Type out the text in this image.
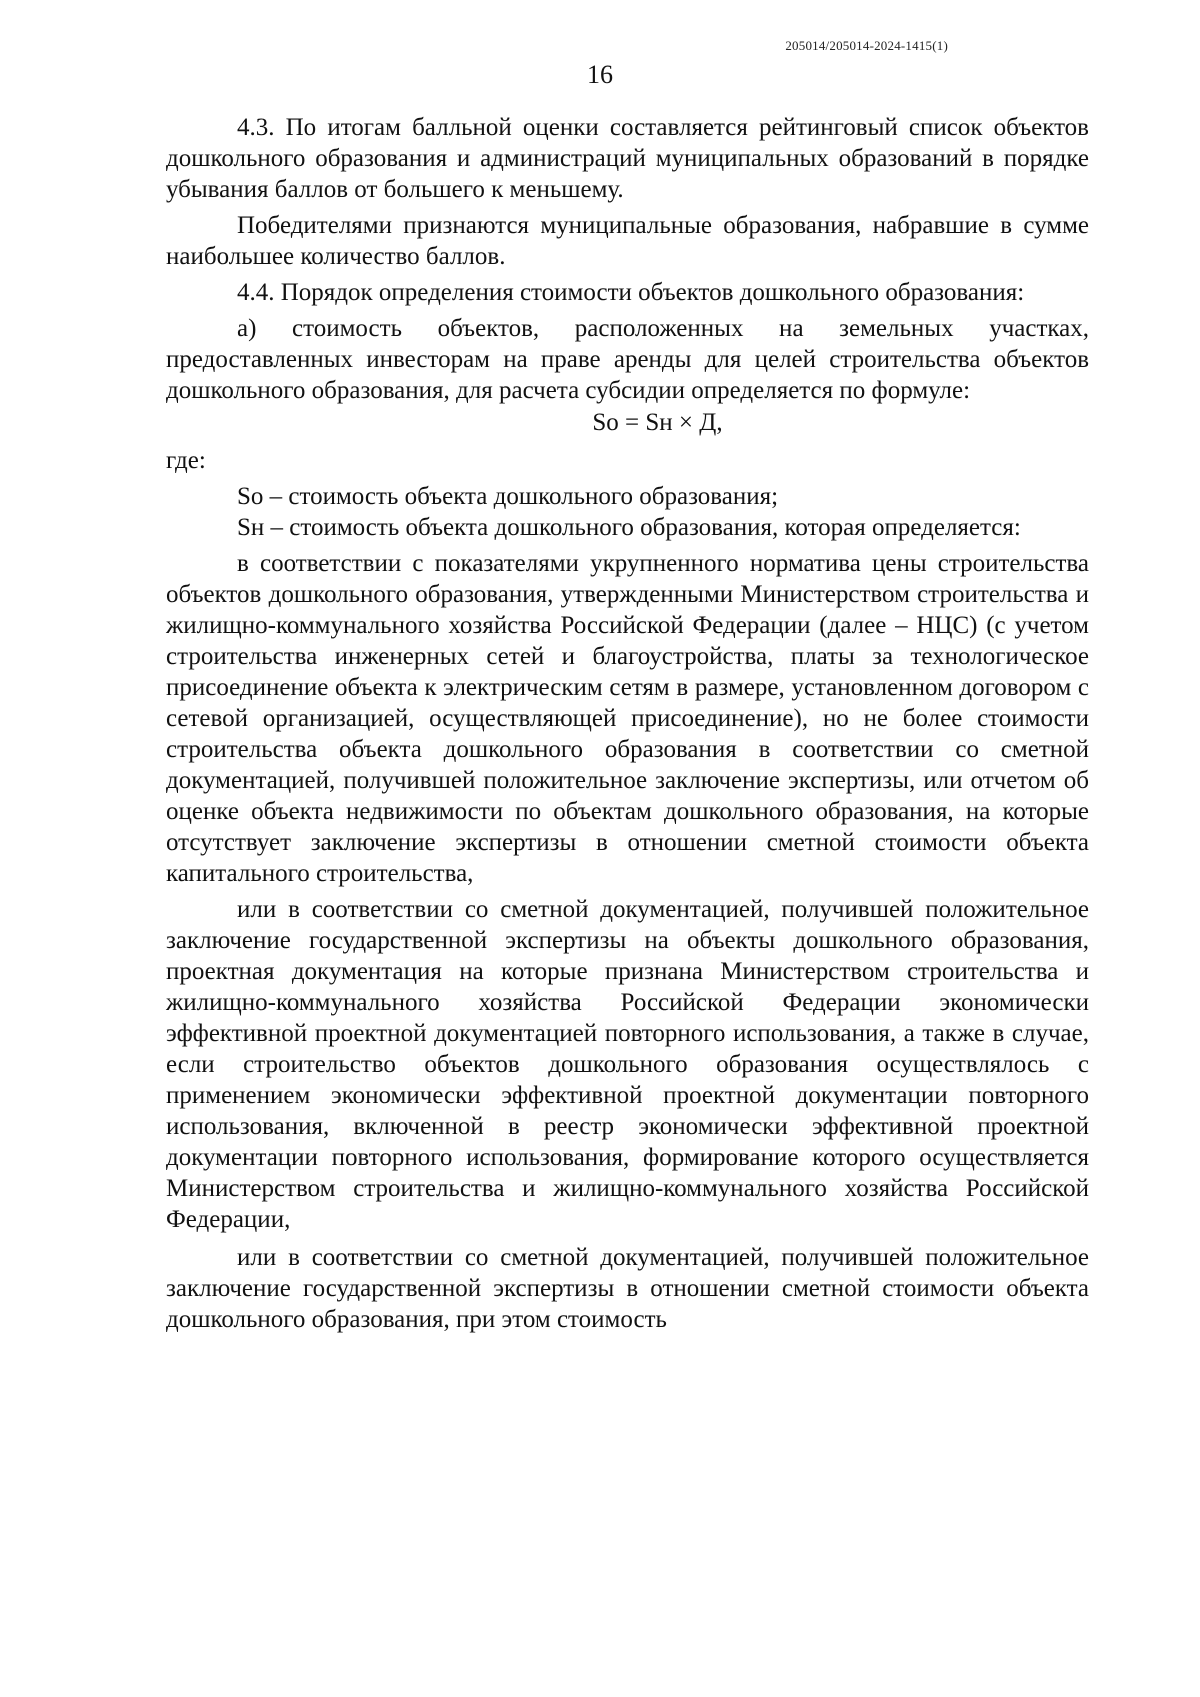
205014/205014-2024-1415(1)
16

4.3. По итогам балльной оценки составляется рейтинговый список объектов дошкольного образования и администраций муниципальных образований в порядке убывания баллов от большего к меньшему.

Победителями признаются муниципальные образования, набравшие в сумме наибольшее количество баллов.

4.4. Порядок определения стоимости объектов дошкольного образования:

а) стоимость объектов, расположенных на земельных участках, предоставленных инвесторам на праве аренды для целей строительства объектов дошкольного образования, для расчета субсидии определяется по формуле:

Sо = Sн × Д,

где:

Sо – стоимость объекта дошкольного образования;

Sн – стоимость объекта дошкольного образования, которая определяется:

в соответствии с показателями укрупненного норматива цены строительства объектов дошкольного образования, утвержденными Министерством строительства и жилищно-коммунального хозяйства Российской Федерации (далее – НЦС) (с учетом строительства инженерных сетей и благоустройства, платы за технологическое присоединение объекта к электрическим сетям в размере, установленном договором с сетевой организацией, осуществляющей присоединение), но не более стоимости строительства объекта дошкольного образования в соответствии со сметной документацией, получившей положительное заключение экспертизы, или отчетом об оценке объекта недвижимости по объектам дошкольного образования, на которые отсутствует заключение экспертизы в отношении сметной стоимости объекта капитального строительства,

или в соответствии со сметной документацией, получившей положительное заключение государственной экспертизы на объекты дошкольного образования, проектная документация на которые признана Министерством строительства и жилищно-коммунального хозяйства Российской Федерации экономически эффективной проектной документацией повторного использования, а также в случае, если строительство объектов дошкольного образования осуществлялось с применением экономически эффективной проектной документации повторного использования, включенной в реестр экономически эффективной проектной документации повторного использования, формирование которого осуществляется Министерством строительства и жилищно-коммунального хозяйства Российской Федерации,

или в соответствии со сметной документацией, получившей положительное заключение государственной экспертизы в отношении сметной стоимости объекта дошкольного образования, при этом стоимость
